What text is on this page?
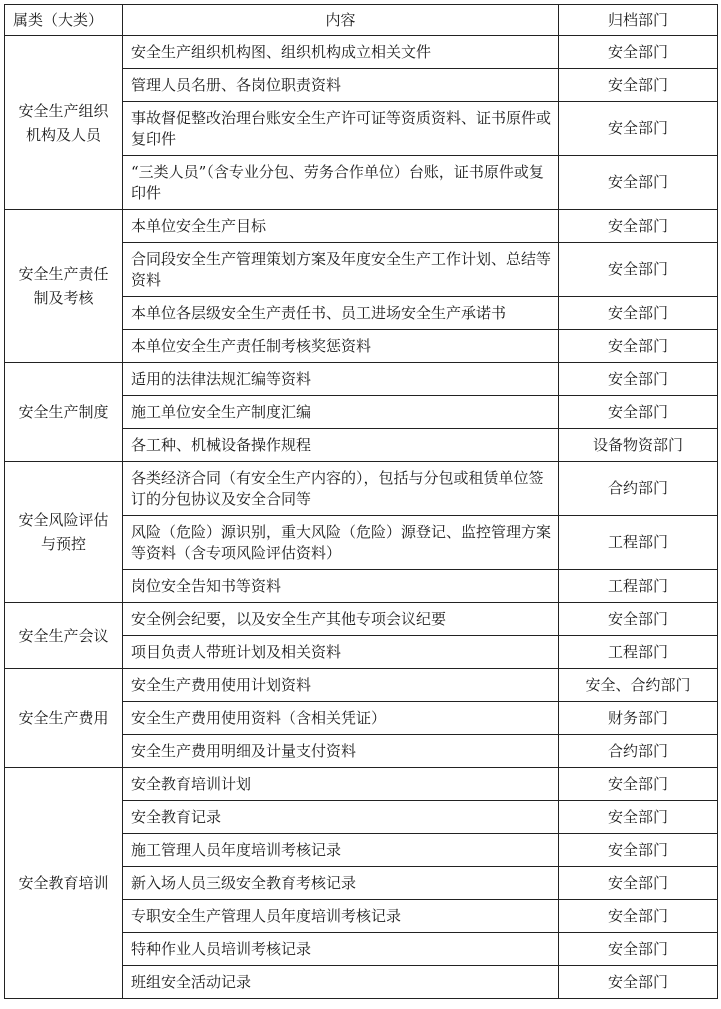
属类（大类）	内容	归档部门
安全生产组织机构及人员	安全生产组织机构图、组织机构成立相关文件	安全部门
	管理人员名册、各岗位职责资料	安全部门
	事故督促整改治理台账安全生产许可证等资质资料、证书原件或复印件	安全部门
	“三类人员”（含专业分包、劳务合作单位）台账，证书原件或复印件	安全部门
安全生产责任制及考核	本单位安全生产目标	安全部门
	合同段安全生产管理策划方案及年度安全生产工作计划、总结等资料	安全部门
	本单位各层级安全生产责任书、员工进场安全生产承诺书	安全部门
	本单位安全生产责任制考核奖惩资料	安全部门
安全生产制度	适用的法律法规汇编等资料	安全部门
	施工单位安全生产制度汇编	安全部门
	各工种、机械设备操作规程	设备物资部门
安全风险评估与预控	各类经济合同（有安全生产内容的），包括与分包或租赁单位签订的分包协议及安全合同等	合约部门
	风险（危险）源识别，重大风险（危险）源登记、监控管理方案等资料（含专项风险评估资料）	工程部门
	岗位安全告知书等资料	工程部门
安全生产会议	安全例会纪要，以及安全生产其他专项会议纪要	安全部门
	项目负责人带班计划及相关资料	工程部门
安全生产费用	安全生产费用使用计划资料	安全、合约部门
	安全生产费用使用资料（含相关凭证）	财务部门
	安全生产费用明细及计量支付资料	合约部门
安全教育培训	安全教育培训计划	安全部门
	安全教育记录	安全部门
	施工管理人员年度培训考核记录	安全部门
	新入场人员三级安全教育考核记录	安全部门
	专职安全生产管理人员年度培训考核记录	安全部门
	特种作业人员培训考核记录	安全部门
	班组安全活动记录	安全部门
